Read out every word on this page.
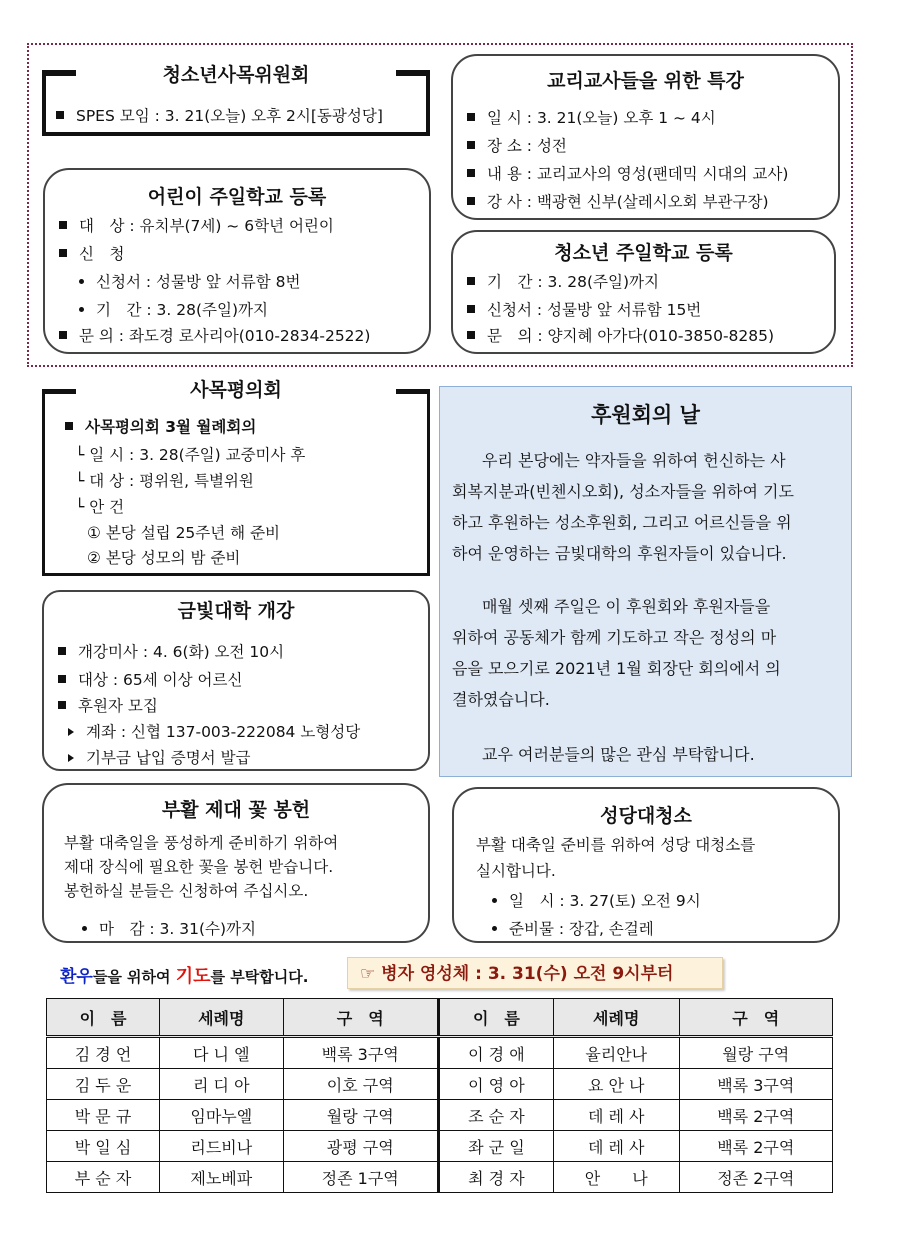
청소년사목위원회
SPES 모임 : 3. 21(오늘) 오후 2시[동광성당]
교리교사들을 위한 특강
일 시 : 3. 21(오늘) 오후 1 ~ 4시
장 소 : 성전
내 용 : 교리교사의 영성(팬데믹 시대의 교사)
강 사 : 백광현 신부(살레시오회 부관구장)
어린이 주일학교 등록
대　상 : 유치부(7세) ~ 6학년 어린이
신　청
신청서 : 성물방 앞 서류함 8번
기　간 : 3. 28(주일)까지
문 의 : 좌도경 로사리아(010-2834-2522)
청소년 주일학교 등록
기　간 : 3. 28(주일)까지
신청서 : 성물방 앞 서류함 15번
문　의 : 양지혜 아가다(010-3850-8285)
사목평의회
사목평의회 3월 월례회의
└ 일 시 : 3. 28(주일) 교중미사 후
└ 대 상 : 평위원, 특별위원
└ 안 건
① 본당 설립 25주년 해 준비
② 본당 성모의 밤 준비
금빛대학 개강
개강미사 : 4. 6(화) 오전 10시
대상 : 65세 이상 어르신
후원자 모집
계좌 : 신협 137-003-222084 노형성당
기부금 납입 증명서 발급
후원회의 날
우리 본당에는 약자들을 위하여 헌신하는 사
회복지분과(빈첸시오회), 성소자들을 위하여 기도
하고 후원하는 성소후원회, 그리고 어르신들을 위
하여 운영하는 금빛대학의 후원자들이 있습니다.
매월 셋째 주일은 이 후원회와 후원자들을
위하여 공동체가 함께 기도하고 작은 정성의 마
음을 모으기로 2021년 1월 회장단 회의에서 의
결하였습니다.
교우 여러분들의 많은 관심 부탁합니다.
부활 제대 꽃 봉헌
부활 대축일을 풍성하게 준비하기 위하여
제대 장식에 필요한 꽃을 봉헌 받습니다.
봉헌하실 분들은 신청하여 주십시오.
마　감 : 3. 31(수)까지
성당대청소
부활 대축일 준비를 위하여 성당 대청소를
실시합니다.
일　시 : 3. 27(토) 오전 9시
준비물 : 장갑, 손걸레
환우들을 위하여 기도를 부탁합니다.	☞ 병자 영성체 : 3. 31(수) 오전 9시부터
이　름	세례명	구　역	이　름	세례명	구　역
김 경 언	다 니 엘	백록 3구역	이 경 애	율리안나	월랑 구역
김 두 운	리 디 아	이호 구역	이 영 아	요 안 나	백록 3구역
박 문 규	임마누엘	월랑 구역	조 순 자	데 레 사	백록 2구역
박 일 심	리드비나	광평 구역	좌 군 일	데 레 사	백록 2구역
부 순 자	제노베파	정존 1구역	최 경 자	안　　나	정존 2구역
